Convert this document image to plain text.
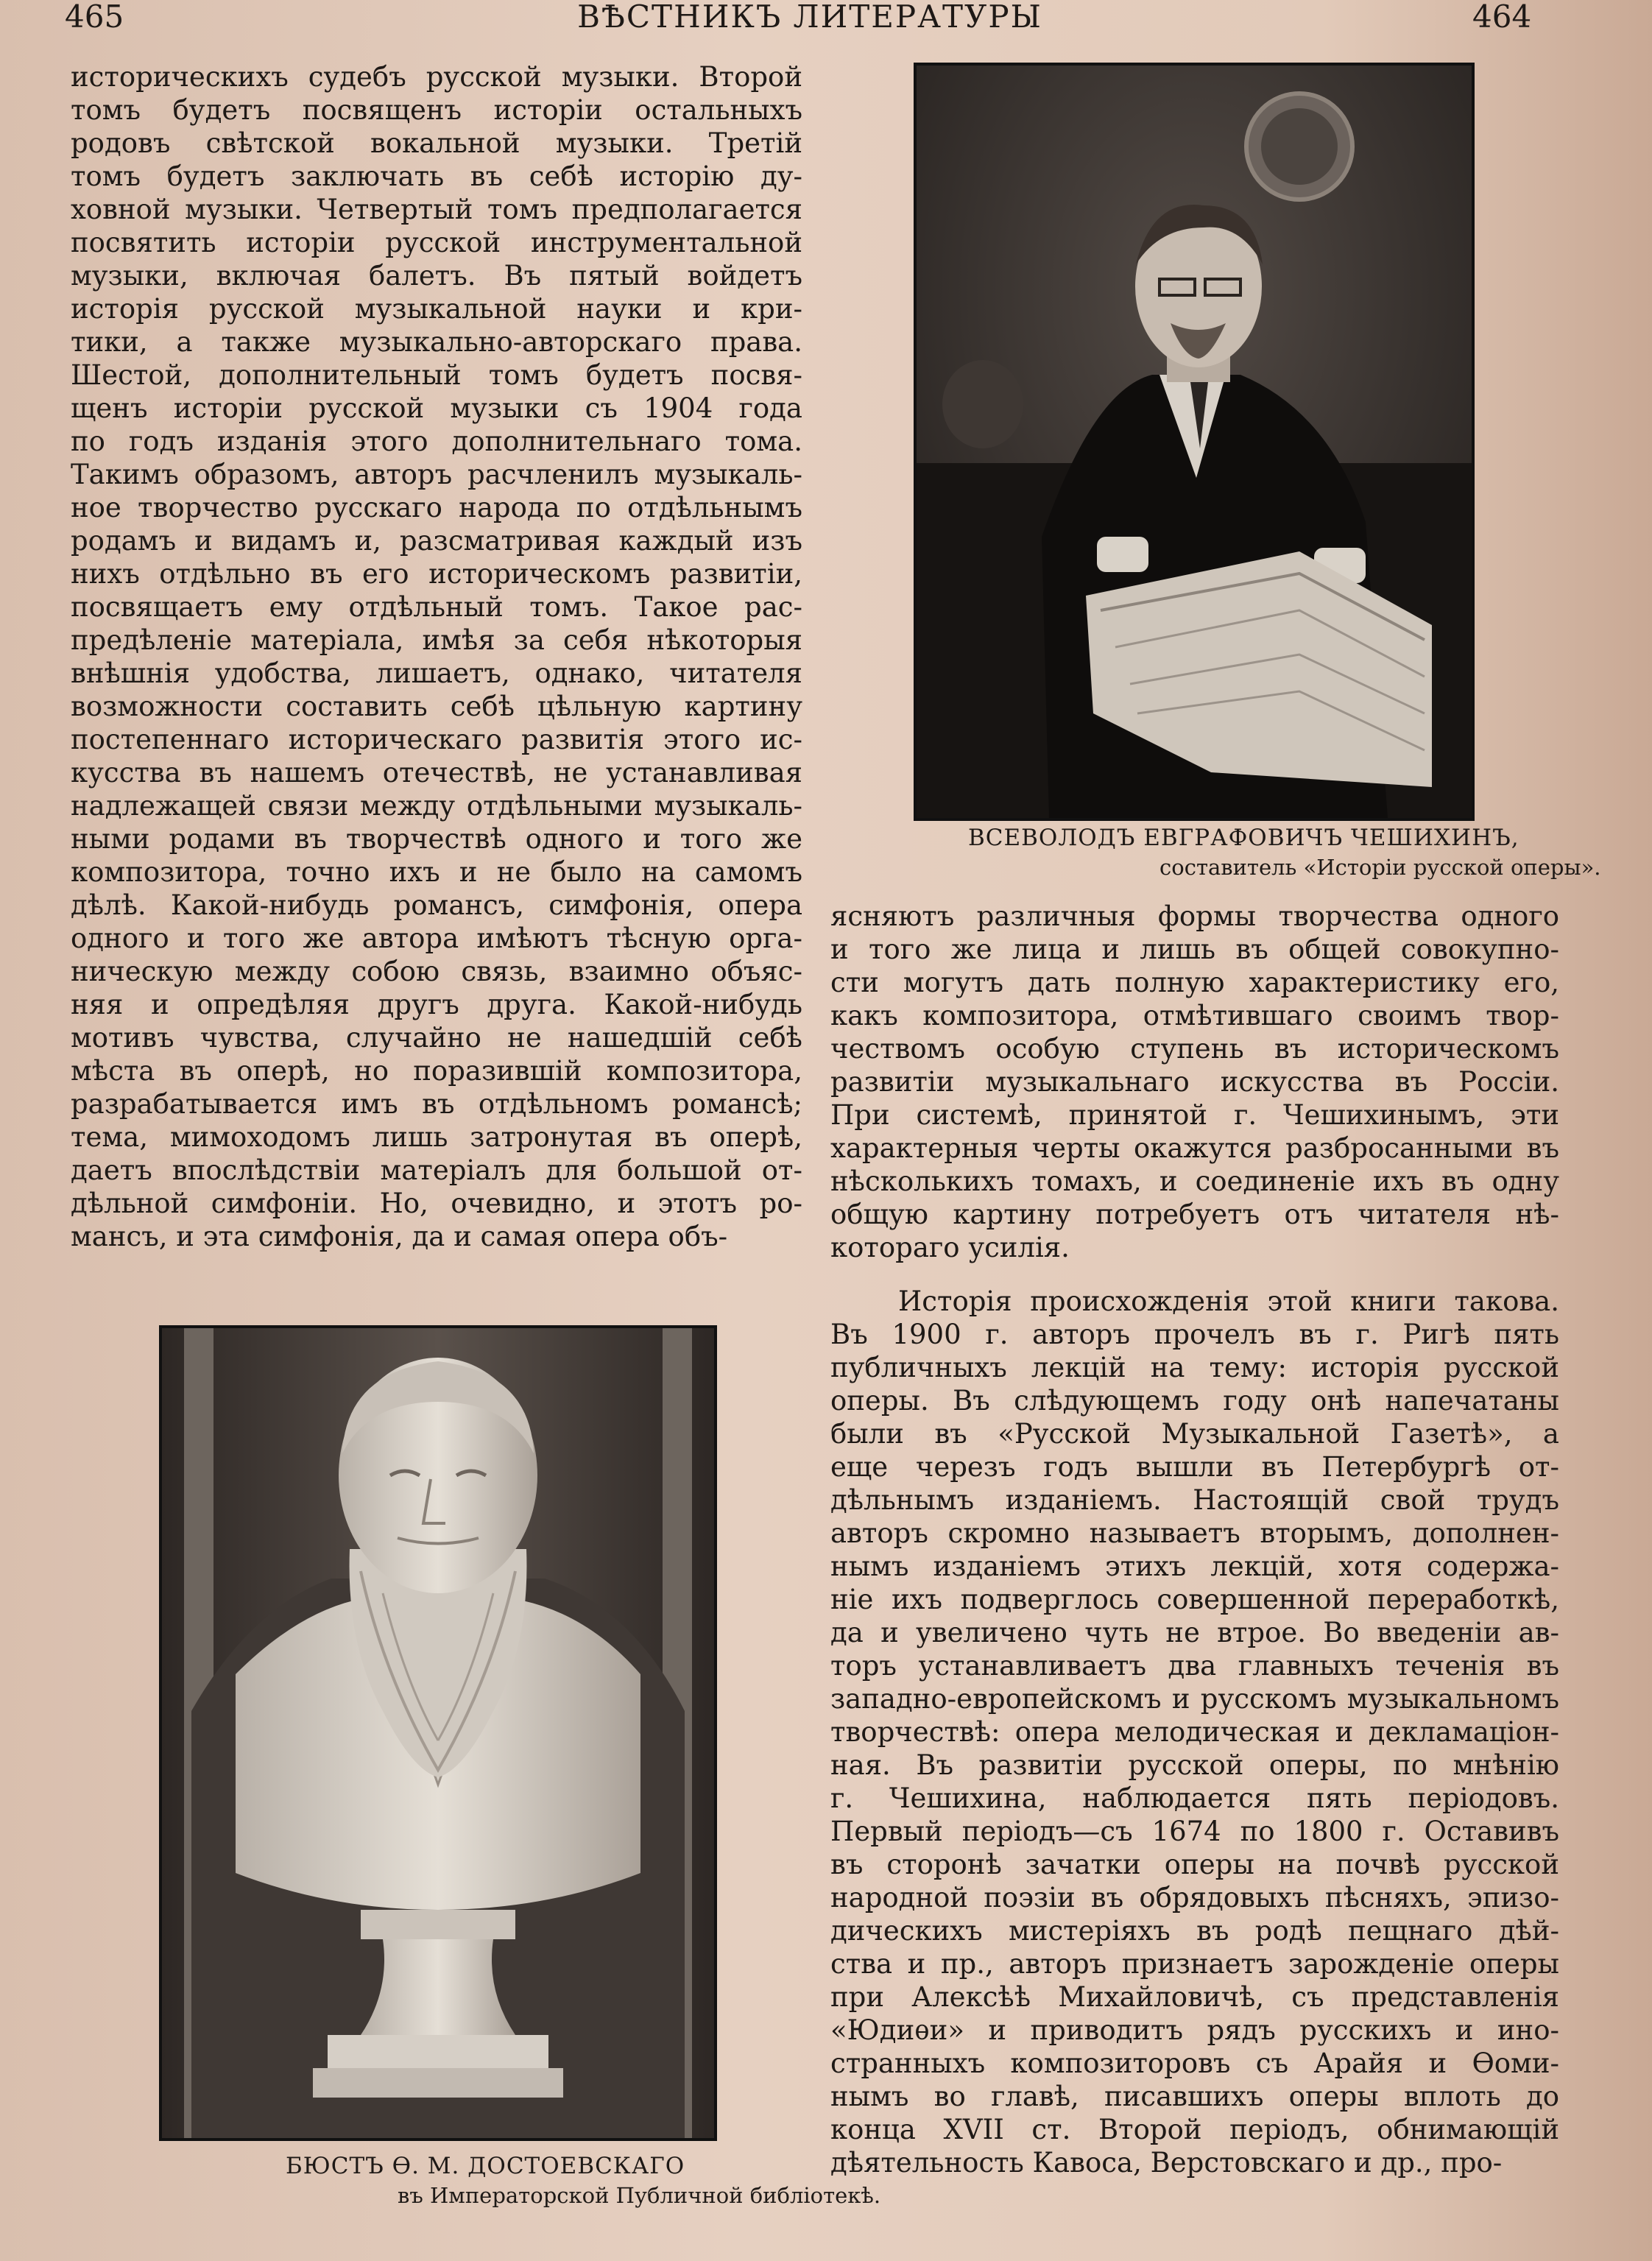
465	ВѢСТНИКЪ ЛИТЕРАТУРЫ	464
историческихъ судебъ русской музыки. Второй
томъ будетъ посвященъ исторіи остальныхъ
родовъ свѣтской вокальной музыки. Третій
томъ будетъ заключать въ себѣ исторію ду-
ховной музыки. Четвертый томъ предполагается
посвятить исторіи русской инструментальной
музыки, включая балетъ. Въ пятый войдетъ
исторія русской музыкальной науки и кри-
тики, а также музыкально-авторскаго права.
Шестой, дополнительный томъ будетъ посвя-
щенъ исторіи русской музыки съ 1904 года
по годъ изданія этого дополнительнаго тома.
Такимъ образомъ, авторъ расчленилъ музыкаль-
ное творчество русскаго народа по отдѣльнымъ
родамъ и видамъ и, разсматривая каждый изъ
нихъ отдѣльно въ его историческомъ развитіи,
посвящаетъ ему отдѣльный томъ. Такое рас-
предѣленіе матеріала, имѣя за себя нѣкоторыя
внѣшнія удобства, лишаетъ, однако, читателя
возможности составить себѣ цѣльную картину
постепеннаго историческаго развитія этого ис-
кусства въ нашемъ отечествѣ, не устанавливая
надлежащей связи между отдѣльными музыкаль-
ными родами въ творчествѣ одного и того же
композитора, точно ихъ и не было на самомъ
дѣлѣ. Какой-нибудь романсъ, симфонія, опера
одного и того же автора имѣютъ тѣсную орга-
ническую между собою связь, взаимно объяс-
няя и опредѣляя другъ друга. Какой-нибудь
мотивъ чувства, случайно не нашедшій себѣ
мѣста въ оперѣ, но поразившій композитора,
разрабатывается имъ въ отдѣльномъ романсѣ;
тема, мимоходомъ лишь затронутая въ оперѣ,
даетъ впослѣдствіи матеріалъ для большой от-
дѣльной симфоніи. Но, очевидно, и этотъ ро-
мансъ, и эта симфонія, да и самая опера объ-
ВСЕВОЛОДЪ ЕВГРАФОВИЧЪ ЧЕШИХИНЪ,
составитель «Исторіи русской оперы».
ясняютъ различныя формы творчества одного
и того же лица и лишь въ общей совокупно-
сти могутъ дать полную характеристику его,
какъ композитора, отмѣтившаго своимъ твор-
чествомъ особую ступень въ историческомъ
развитіи музыкальнаго искусства въ Россіи.
При системѣ, принятой г. Чешихинымъ, эти
характерныя черты окажутся разбросанными въ
нѣсколькихъ томахъ, и соединеніе ихъ въ одну
общую картину потребуетъ отъ читателя нѣ-
котораго усилія.
Исторія происхожденія этой книги такова.
Въ 1900 г. авторъ прочелъ въ г. Ригѣ пять
публичныхъ лекцій на тему: исторія русской
оперы. Въ слѣдующемъ году онѣ напечатаны
были въ «Русской Музыкальной Газетѣ», а
еще черезъ годъ вышли въ Петербургѣ от-
дѣльнымъ изданіемъ. Настоящій свой трудъ
авторъ скромно называетъ вторымъ, дополнен-
нымъ изданіемъ этихъ лекцій, хотя содержа-
ніе ихъ подверглось совершенной переработкѣ,
да и увеличено чуть не втрое. Во введеніи ав-
торъ устанавливаетъ два главныхъ теченія въ
западно-европейскомъ и русскомъ музыкальномъ
творчествѣ: опера мелодическая и декламаціон-
ная. Въ развитіи русской оперы, по мнѣнію
г. Чешихина, наблюдается пять періодовъ.
Первый періодъ—съ 1674 по 1800 г. Оставивъ
въ сторонѣ зачатки оперы на почвѣ русской
народной поэзіи въ обрядовыхъ пѣсняхъ, эпизо-
дическихъ мистеріяхъ въ родѣ пещнаго дѣй-
ства и пр., авторъ признаетъ зарожденіе оперы
при Алексѣѣ Михайловичѣ, съ представленія
«Юдиѳи» и приводитъ рядъ русскихъ и ино-
странныхъ композиторовъ съ Арайя и Ѳоми-
нымъ во главѣ, писавшихъ оперы вплоть до
конца XVII ст. Второй періодъ, обнимающій
дѣятельность Кавоса, Верстовскаго и др., про-
БЮСТЪ Ѳ. М. ДОСТОЕВСКАГО
въ Императорской Публичной библіотекѣ.
